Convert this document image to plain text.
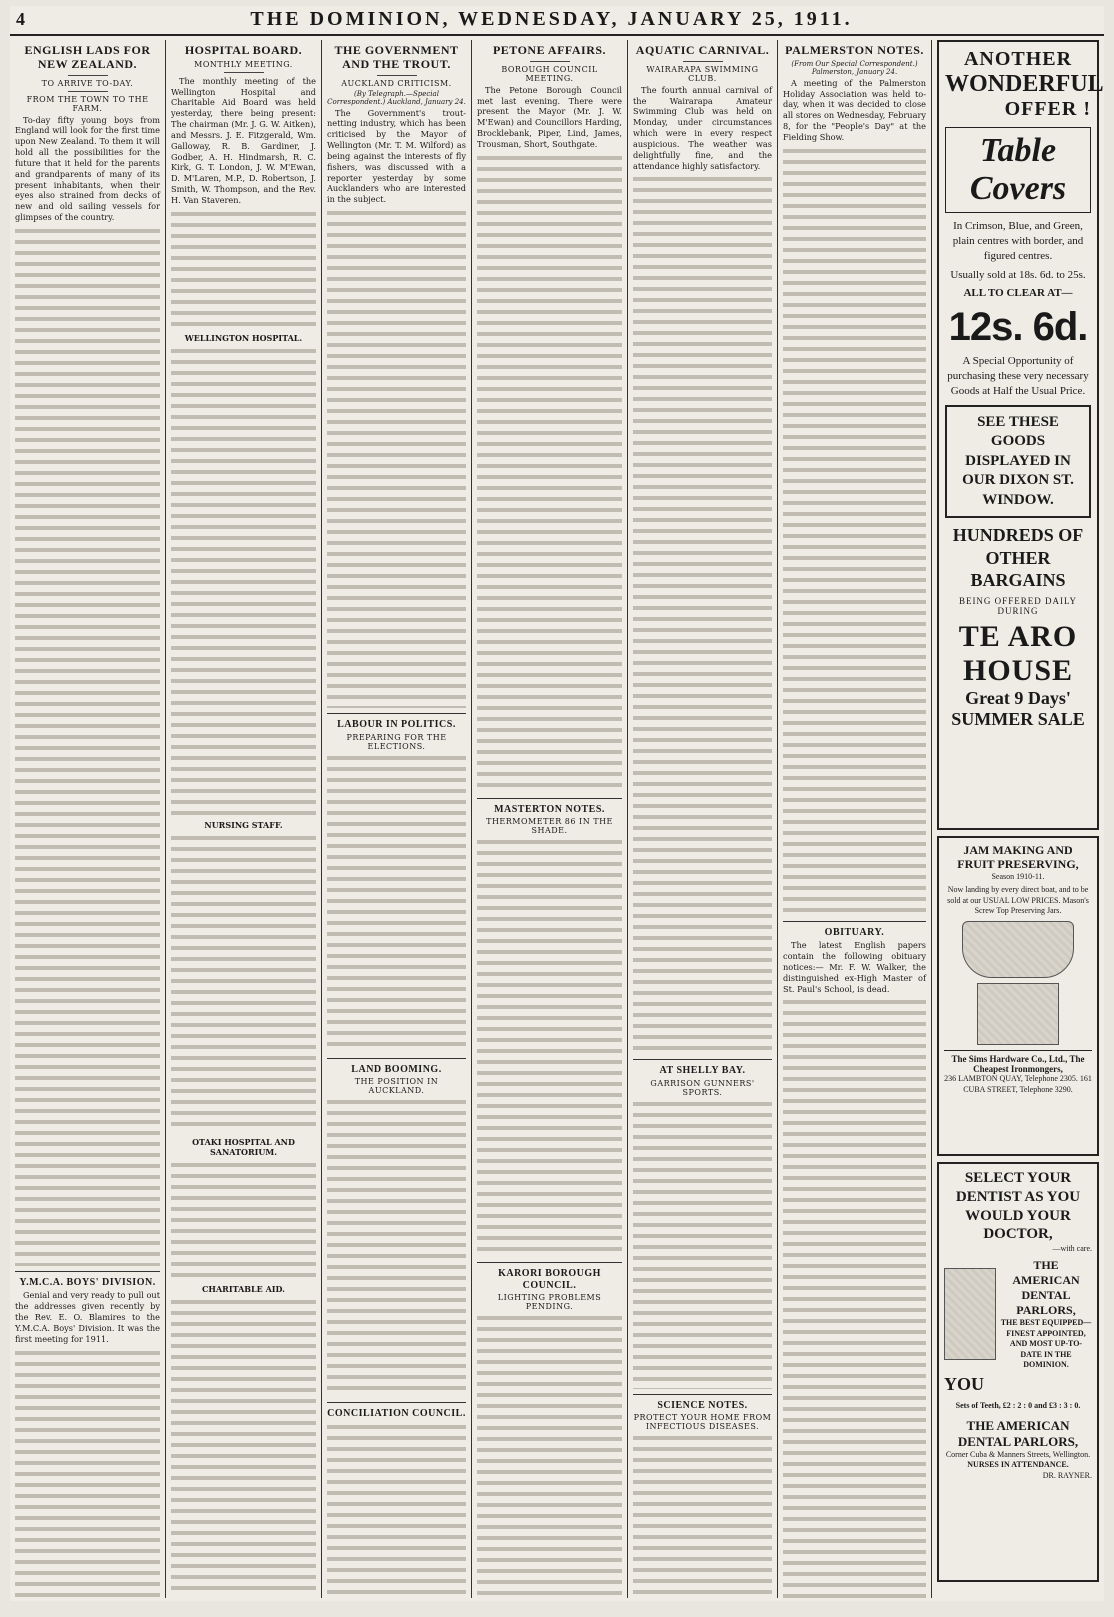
4	THE DOMINION, WEDNESDAY, JANUARY 25, 1911.
ENGLISH LADS FOR NEW ZEALAND.
TO ARRIVE TO-DAY.
FROM THE TOWN TO THE FARM.

To-day fifty young boys from England will look for the first time upon New Zealand. To them it will hold all the possibilities for the future that it held for the parents and grandparents of many of its present inhabitants, when their eyes also strained from decks of new and old sailing vessels for glimpses of the country.

Y.M.C.A. BOYS' DIVISION.

Genial and very ready to pull out the addresses given recently by the Rev. E. O. Blamires to the Y.M.C.A. Boys' Division. It was the first meeting for 1911.

HOSPITAL BOARD.
MONTHLY MEETING.

The monthly meeting of the Wellington Hospital and Charitable Aid Board was held yesterday, there being present: The chairman (Mr. J. G. W. Aitken), and Messrs. J. E. Fitzgerald, Wm. Galloway, R. B. Gardiner, J. Godber, A. H. Hindmarsh, R. C. Kirk, G. T. London, J. W. M'Ewan, D. M'Laren, M.P., D. Robertson, J. Smith, W. Thompson, and the Rev. H. Van Staveren.

WELLINGTON HOSPITAL.
NURSING STAFF.
OTAKI HOSPITAL AND SANATORIUM.
CHARITABLE AID.
THE GOVERNMENT AND THE TROUT.
AUCKLAND CRITICISM.
(By Telegraph.—Special Correspondent.) Auckland, January 24.

The Government's trout-netting industry, which has been criticised by the Mayor of Wellington (Mr. T. M. Wilford) as being against the interests of fly fishers, was discussed with a reporter yesterday by some Aucklanders who are interested in the subject.

LABOUR IN POLITICS.
PREPARING FOR THE ELECTIONS.
LAND BOOMING.
THE POSITION IN AUCKLAND.
CONCILIATION COUNCIL.
PETONE AFFAIRS.
BOROUGH COUNCIL MEETING.

The Petone Borough Council met last evening. There were present the Mayor (Mr. J. W. M'Ewan) and Councillors Harding, Brocklebank, Piper, Lind, James, Trousman, Short, Southgate.

MASTERTON NOTES.
THERMOMETER 86 IN THE SHADE.
KARORI BOROUGH COUNCIL.
LIGHTING PROBLEMS PENDING.
AQUATIC CARNIVAL.
WAIRARAPA SWIMMING CLUB.

The fourth annual carnival of the Wairarapa Amateur Swimming Club was held on Monday, under circumstances which were in every respect auspicious. The weather was delightfully fine, and the attendance highly satisfactory.

AT SHELLY BAY.
GARRISON GUNNERS' SPORTS.
SCIENCE NOTES.
PROTECT YOUR HOME FROM INFECTIOUS DISEASES.
PALMERSTON NOTES.
(From Our Special Correspondent.) Palmerston, January 24.

A meeting of the Palmerston Holiday Association was held to-day, when it was decided to close all stores on Wednesday, February 8, for the "People's Day" at the Fielding Show.

OBITUARY.

The latest English papers contain the following obituary notices:— Mr. F. W. Walker, the distinguished ex-High Master of St. Paul's School, is dead.

ANOTHER
WONDERFUL
OFFER !
Table Covers
In Crimson, Blue, and Green, plain centres with border, and figured centres.
Usually sold at 18s. 6d. to 25s.
ALL TO CLEAR AT—
12s. 6d.
A Special Opportunity of purchasing these very necessary Goods at Half the Usual Price.
SEE THESE GOODS DISPLAYED IN OUR DIXON ST. WINDOW.
HUNDREDS OF OTHER BARGAINS
BEING OFFERED DAILY DURING
TE ARO HOUSE
Great 9 Days'
SUMMER SALE
JAM MAKING AND FRUIT PRESERVING,
Season 1910-11.
Now landing by every direct boat, and to be sold at our USUAL LOW PRICES. Mason's Screw Top Preserving Jars.
The Sims Hardware Co., Ltd., The Cheapest Ironmongers,
236 LAMBTON QUAY, Telephone 2305. 161 CUBA STREET, Telephone 3290.
SELECT YOUR DENTIST AS YOU WOULD YOUR DOCTOR,
—with care.
THE AMERICAN DENTAL PARLORS,
THE BEST EQUIPPED—FINEST APPOINTED, AND MOST UP-TO-DATE IN THE DOMINION.
YOU
Sets of Teeth, £2 : 2 : 0 and £3 : 3 : 0.
THE AMERICAN DENTAL PARLORS,
Corner Cuba & Manners Streets, Wellington.
NURSES IN ATTENDANCE.
DR. RAYNER.
